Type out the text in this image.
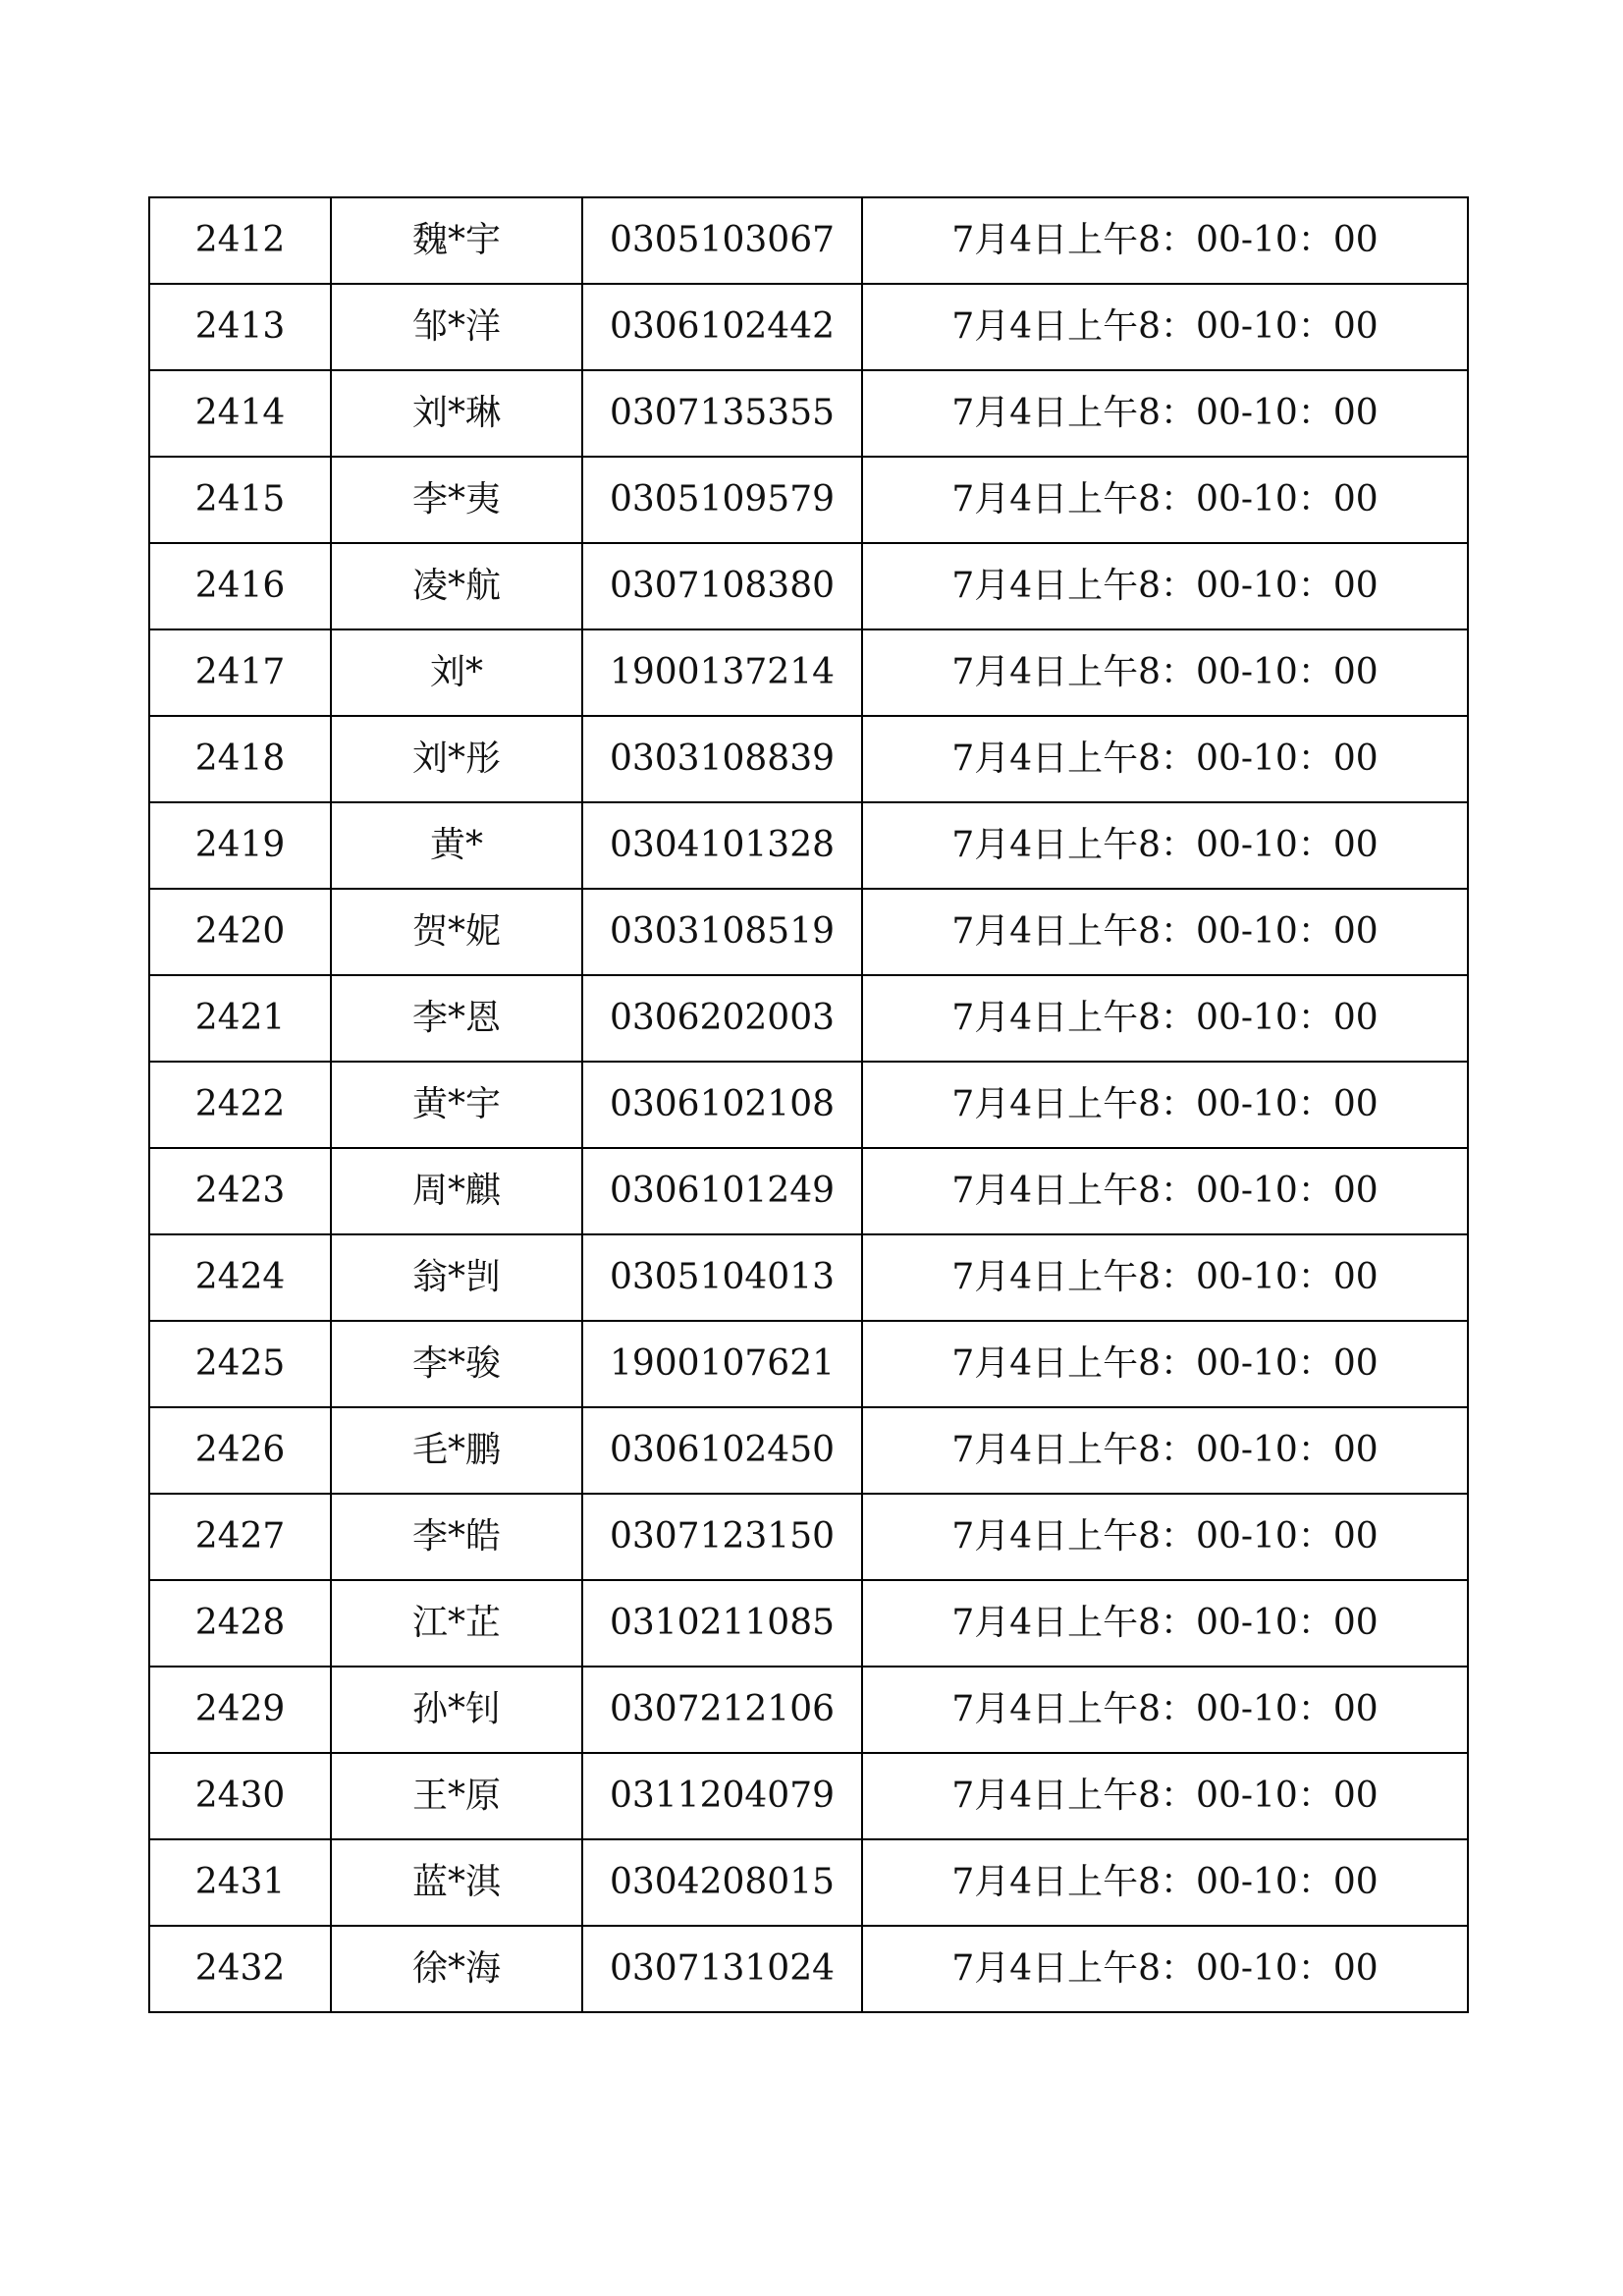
2412	魏*宇	0305103067	7月4日上午8：00-10：00
2413	邹*洋	0306102442	7月4日上午8：00-10：00
2414	刘*琳	0307135355	7月4日上午8：00-10：00
2415	李*夷	0305109579	7月4日上午8：00-10：00
2416	凌*航	0307108380	7月4日上午8：00-10：00
2417	刘*	1900137214	7月4日上午8：00-10：00
2418	刘*彤	0303108839	7月4日上午8：00-10：00
2419	黄*	0304101328	7月4日上午8：00-10：00
2420	贺*妮	0303108519	7月4日上午8：00-10：00
2421	李*恩	0306202003	7月4日上午8：00-10：00
2422	黄*宇	0306102108	7月4日上午8：00-10：00
2423	周*麒	0306101249	7月4日上午8：00-10：00
2424	翁*剀	0305104013	7月4日上午8：00-10：00
2425	李*骏	1900107621	7月4日上午8：00-10：00
2426	毛*鹏	0306102450	7月4日上午8：00-10：00
2427	李*皓	0307123150	7月4日上午8：00-10：00
2428	江*芷	0310211085	7月4日上午8：00-10：00
2429	孙*钊	0307212106	7月4日上午8：00-10：00
2430	王*原	0311204079	7月4日上午8：00-10：00
2431	蓝*淇	0304208015	7月4日上午8：00-10：00
2432	徐*海	0307131024	7月4日上午8：00-10：00
